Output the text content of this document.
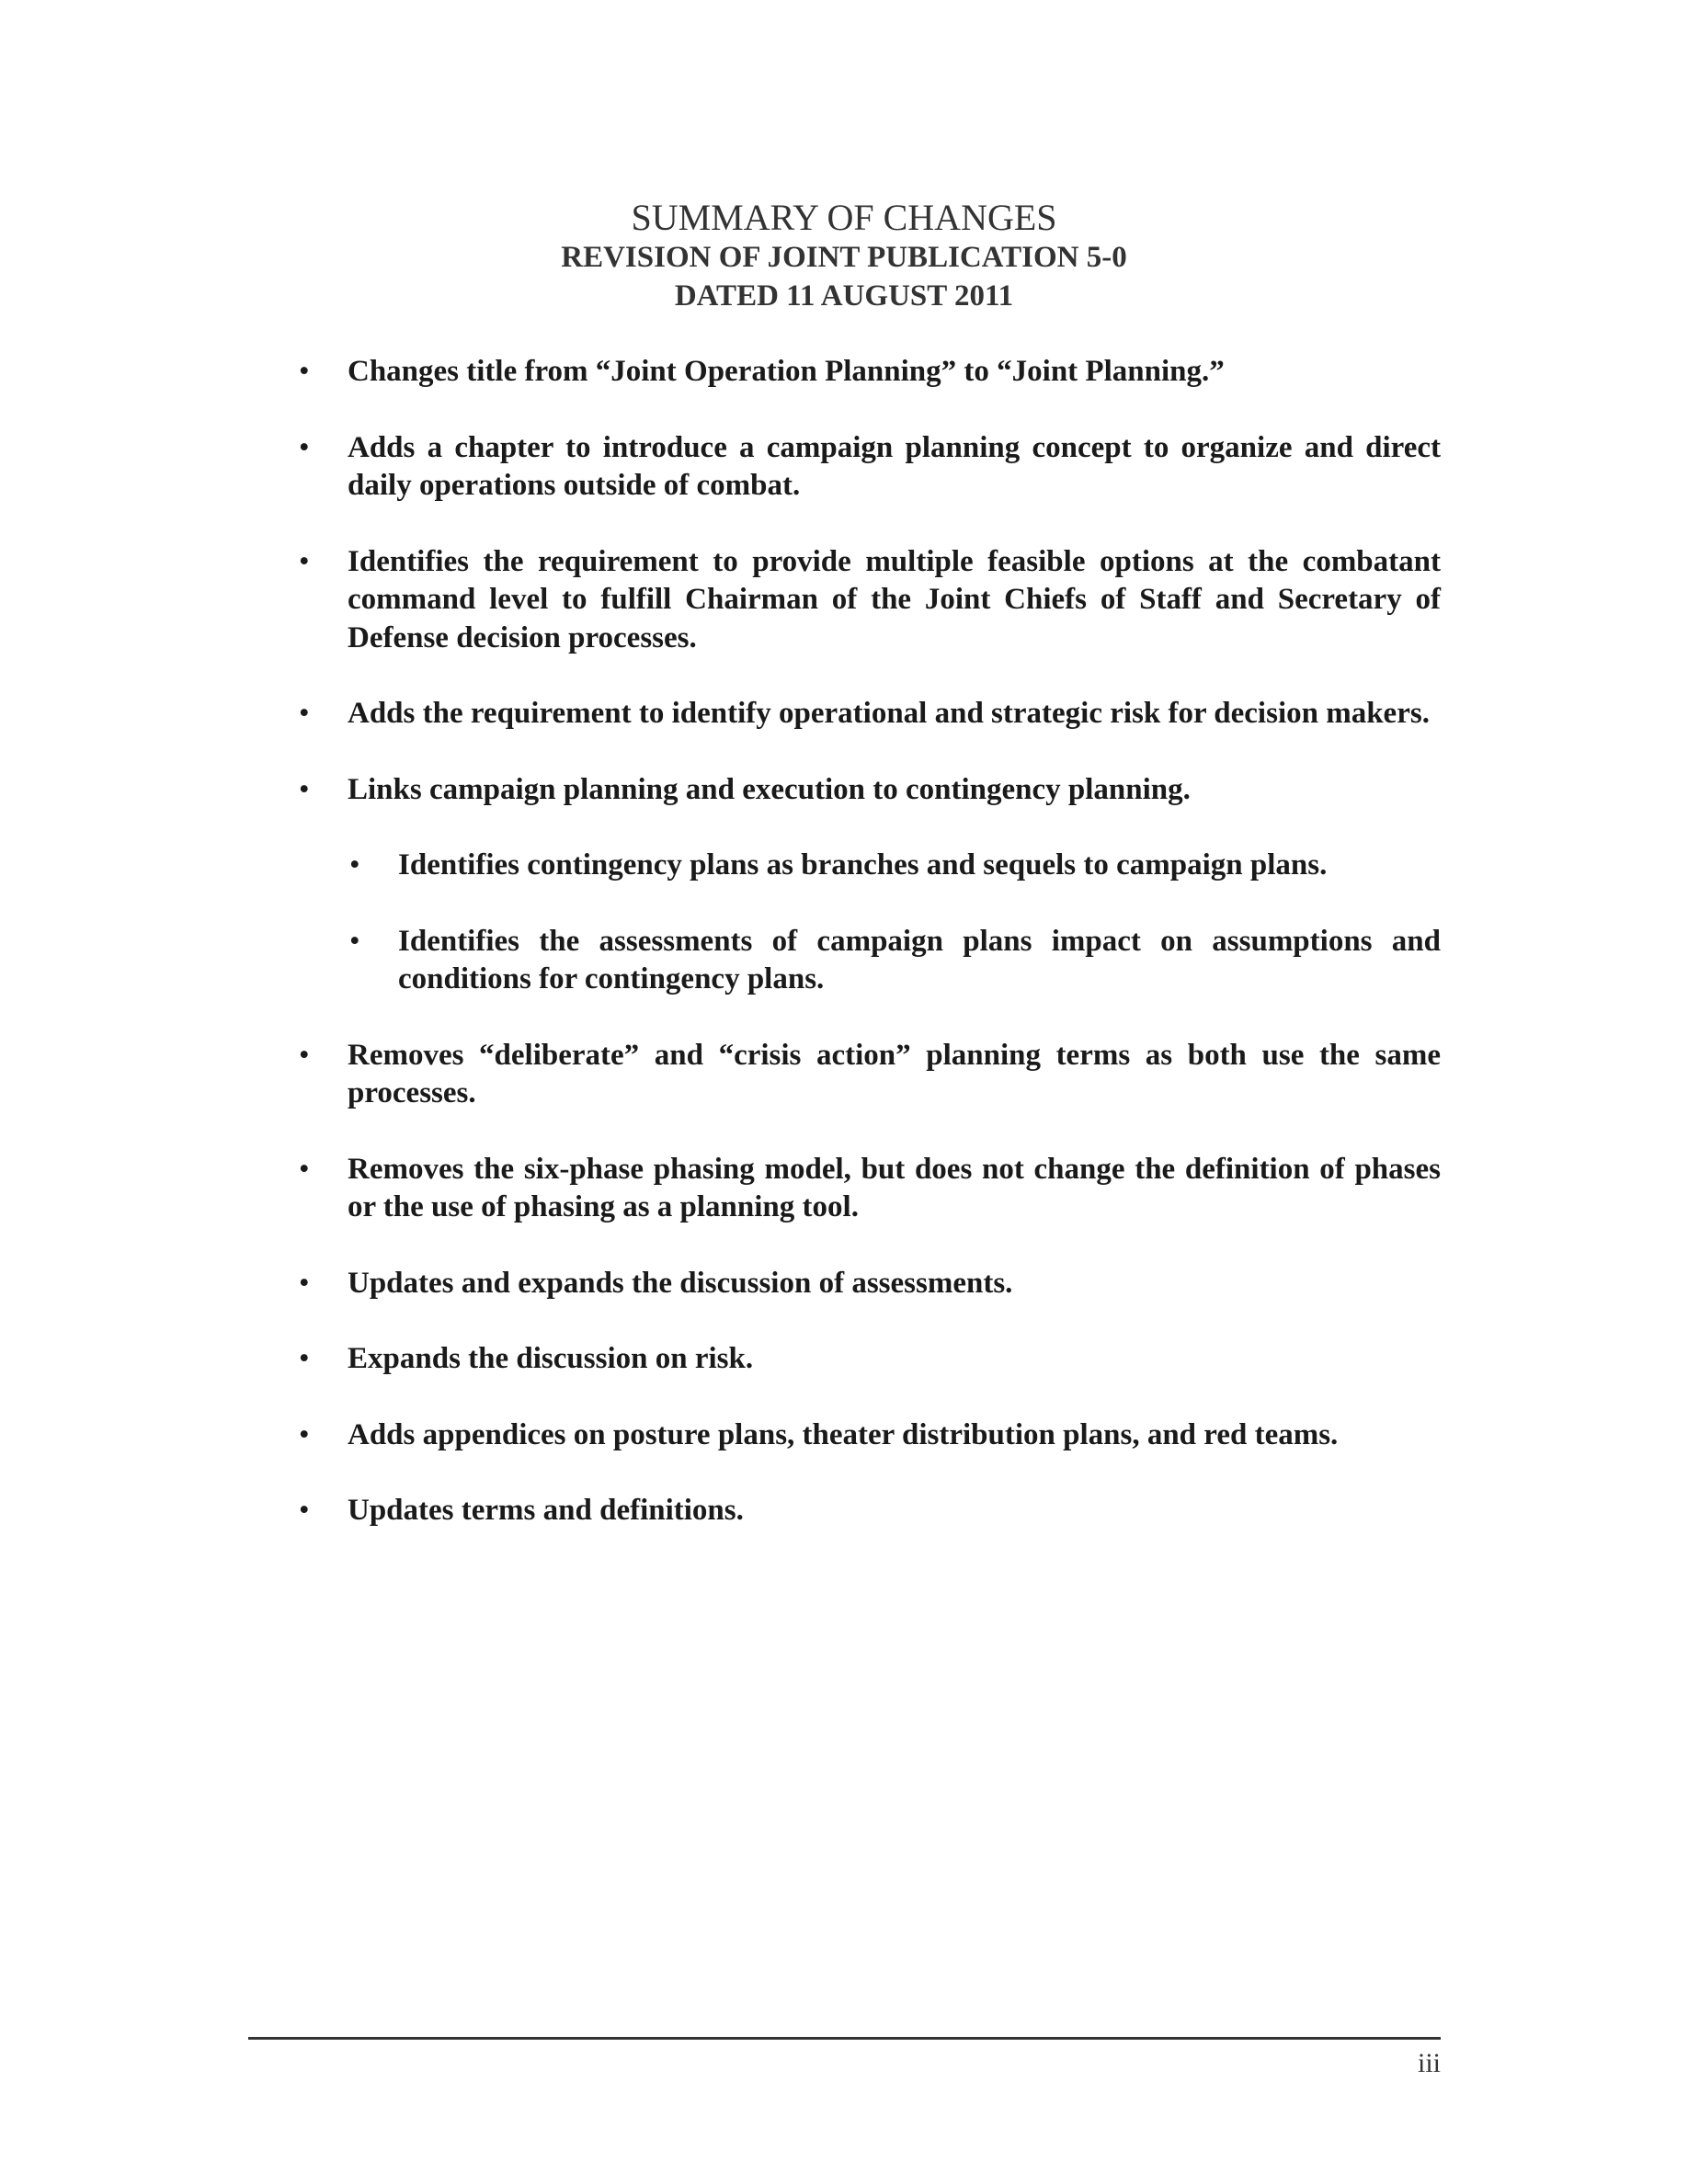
SUMMARY OF CHANGES
REVISION OF JOINT PUBLICATION 5-0
DATED 11 AUGUST 2011
• Changes title from “Joint Operation Planning” to “Joint Planning.”
• Adds a chapter to introduce a campaign planning concept to organize and direct daily operations outside of combat.
• Identifies the requirement to provide multiple feasible options at the combatant command level to fulfill Chairman of the Joint Chiefs of Staff and Secretary of Defense decision processes.
• Adds the requirement to identify operational and strategic risk for decision makers.
• Links campaign planning and execution to contingency planning.
• Identifies contingency plans as branches and sequels to campaign plans.
• Identifies the assessments of campaign plans impact on assumptions and conditions for contingency plans.
• Removes “deliberate” and “crisis action” planning terms as both use the same processes.
• Removes the six-phase phasing model, but does not change the definition of phases or the use of phasing as a planning tool.
• Updates and expands the discussion of assessments.
• Expands the discussion on risk.
• Adds appendices on posture plans, theater distribution plans, and red teams.
• Updates terms and definitions.
iii
